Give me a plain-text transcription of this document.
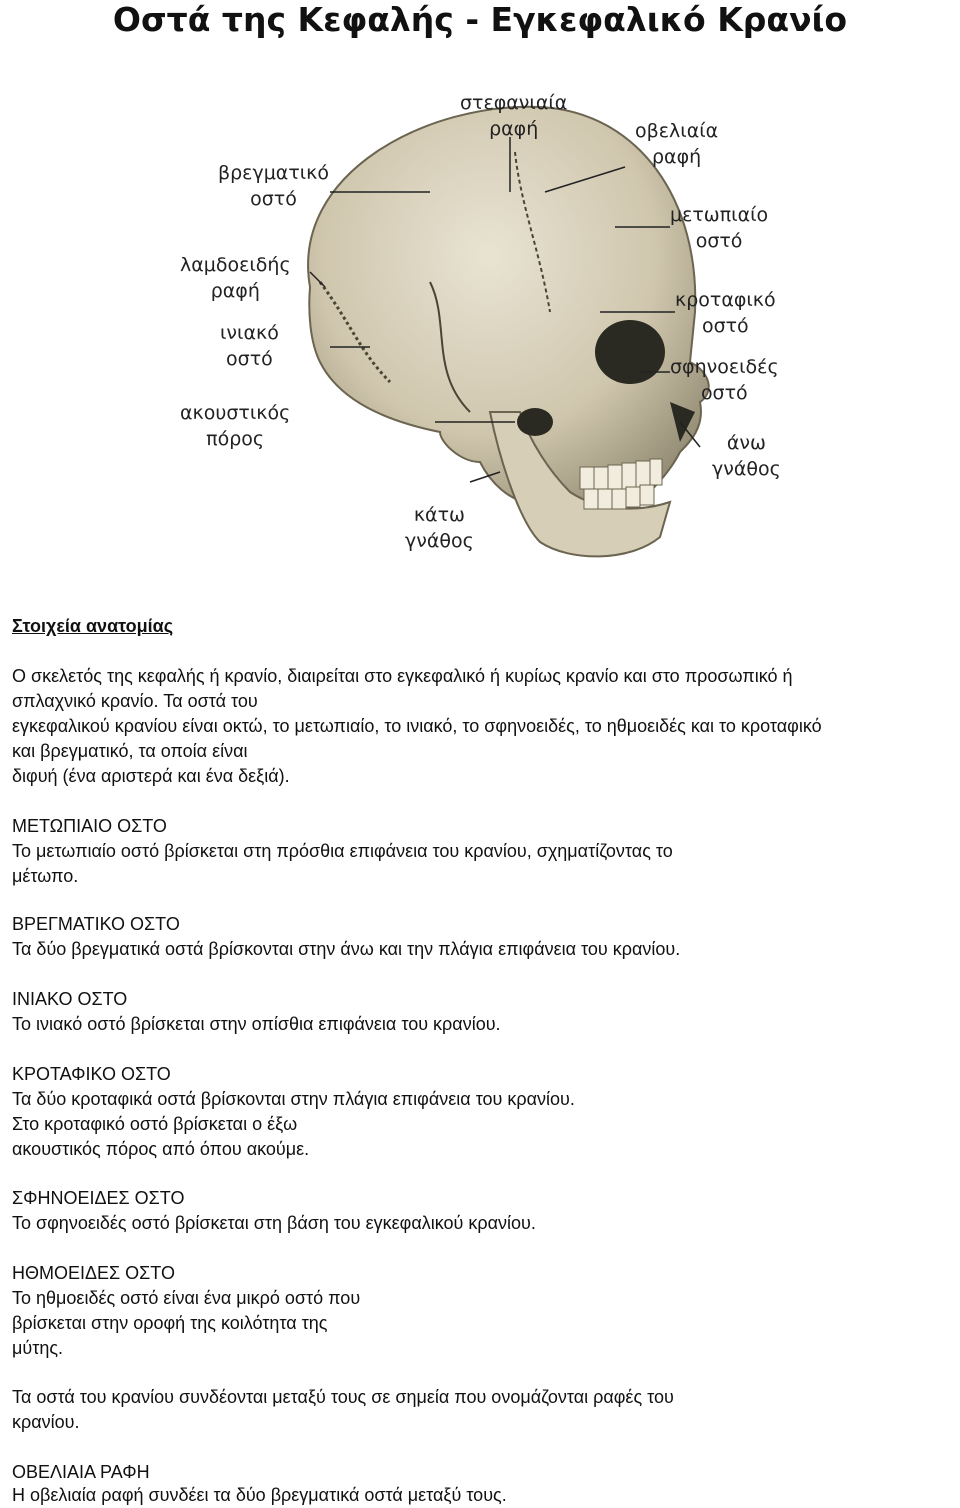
Οστά της Κεφαλής - Εγκεφαλικό Κρανίο
στεφανιαία
ραφή	οβελιαία
ραφή
βρεγματικό
οστό
μετωπιαίο
οστό
λαμδοειδής
ραφή	κροταφικό
οστό
ινιακό
οστό	σφηνοειδές
οστό
ακουστικός
πόρος	άνω
γνάθος
κάτω
γνάθος
Στοιχεία ανατομίας
Ο σκελετός της κεφαλής ή κρανίο, διαιρείται στο εγκεφαλικό ή κυρίως κρανίο και στο προσωπικό ή
σπλαχνικό κρανίο. Τα οστά του
εγκεφαλικού κρανίου είναι οκτώ, το μετωπιαίο, το ινιακό, το σφηνοειδές, το ηθμοειδές και το κροταφικό
και βρεγματικό, τα οποία είναι
διφυή (ένα αριστερά και ένα δεξιά).
ΜΕΤΩΠΙΑΙΟ ΟΣΤΟ
Το μετωπιαίο οστό βρίσκεται στη πρόσθια επιφάνεια του κρανίου, σχηματίζοντας το
μέτωπο.
ΒΡΕΓΜΑΤΙΚΟ ΟΣΤΟ
Τα δύο βρεγματικά οστά βρίσκονται στην άνω και την πλάγια επιφάνεια του κρανίου.
ΙΝΙΑΚΟ ΟΣΤΟ
Το ινιακό οστό βρίσκεται στην οπίσθια επιφάνεια του κρανίου.
ΚΡΟΤΑΦΙΚΟ ΟΣΤΟ
Τα δύο κροταφικά οστά βρίσκονται στην πλάγια επιφάνεια του κρανίου.
Στο κροταφικό οστό βρίσκεται ο έξω
ακουστικός πόρος από όπου ακούμε.
ΣΦΗΝΟΕΙΔΕΣ ΟΣΤΟ
Το σφηνοειδές οστό βρίσκεται στη βάση του εγκεφαλικού κρανίου.
ΗΘΜΟΕΙΔΕΣ ΟΣΤΟ
Το ηθμοειδές οστό είναι ένα μικρό οστό που
βρίσκεται στην οροφή της κοιλότητα της
μύτης.
Τα οστά του κρανίου συνδέονται μεταξύ τους σε σημεία που ονομάζονται ραφές του
κρανίου.
ΟΒΕΛΙΑΙΑ ΡΑΦΗ
Η οβελιαία ραφή συνδέει τα δύο βρεγματικά οστά μεταξύ τους.
